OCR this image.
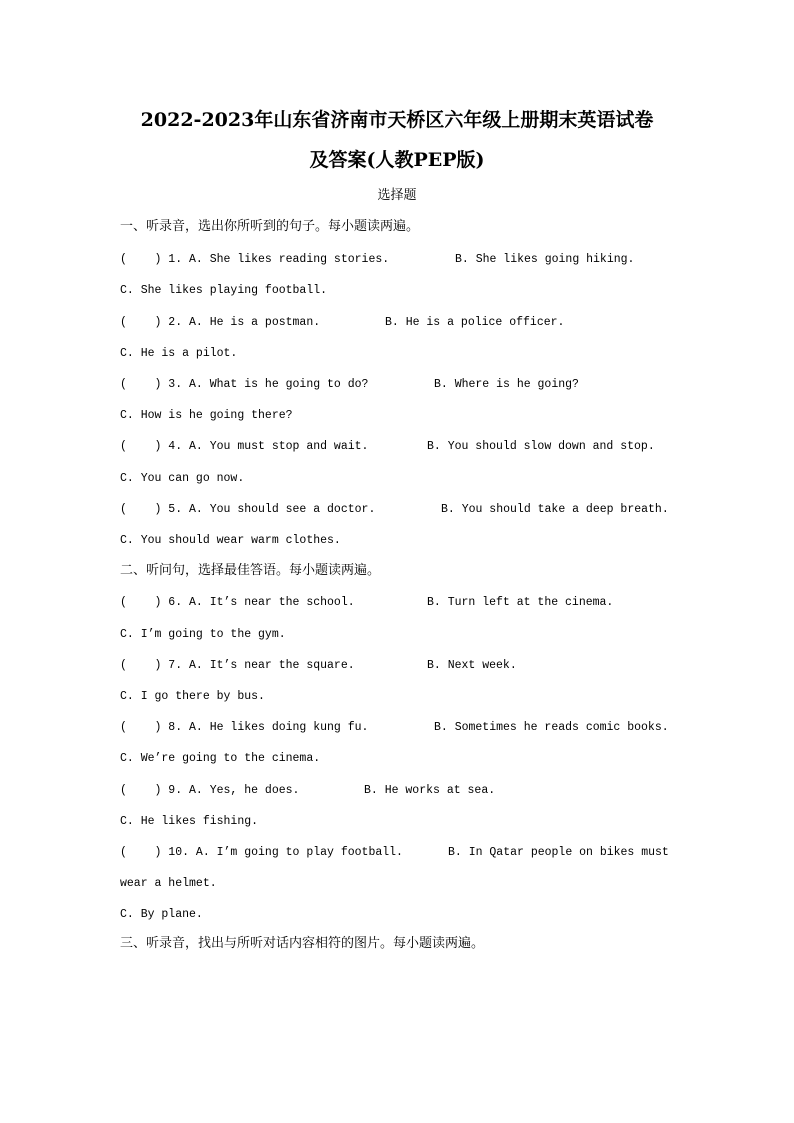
2022-2023年山东省济南市天桥区六年级上册期末英语试卷
及答案(人教PEP版)
选择题
一、听录音，选出你所听到的句子。每小题读两遍。
(    ) 1. A. She likes reading stories.	B. She likes going hiking.
C. She likes playing football.
(    ) 2. A. He is a postman.	B. He is a police officer.
C. He is a pilot.
(    ) 3. A. What is he going to do?	B. Where is he going?
C. How is he going there?
(    ) 4. A. You must stop and wait.	B. You should slow down and stop.
C. You can go now.
(    ) 5. A. You should see a doctor.	B. You should take a deep breath.
C. You should wear warm clothes.
二、听问句，选择最佳答语。每小题读两遍。
(    ) 6. A. It’s near the school.	B. Turn left at the cinema.
C. I’m going to the gym.
(    ) 7. A. It’s near the square.	B. Next week.
C. I go there by bus.
(    ) 8. A. He likes doing kung fu.	B. Sometimes he reads comic books.
C. We’re going to the cinema.
(    ) 9. A. Yes, he does.	B. He works at sea.
C. He likes fishing.
(    ) 10. A. I’m going to play football.	B. In Qatar people on bikes must
wear a helmet.
C. By plane.
三、听录音，找出与所听对话内容相符的图片。每小题读两遍。
